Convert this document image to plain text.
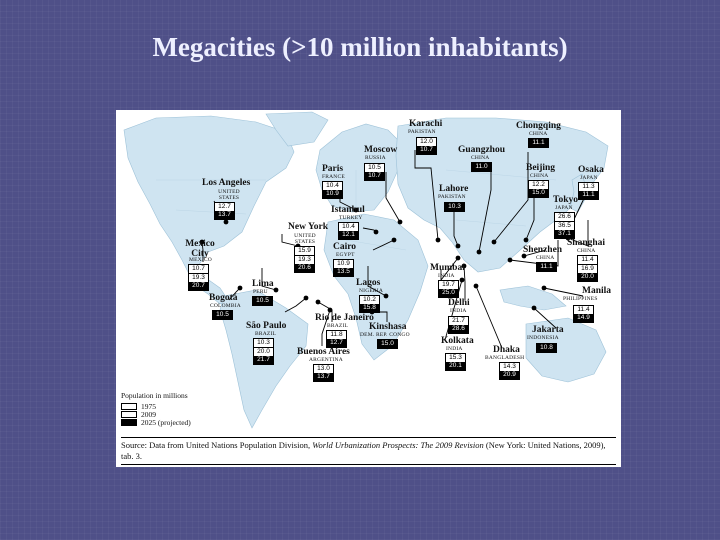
Megacities (>10 million inhabitants)
Karachi
PAKISTAN
12.0
10.7
Chongqing
CHINA
11.1
Moscow
RUSSIA
10.5
10.7
Guangzhou
CHINA
11.0
Paris
FRANCE
10.4
10.9
Beijing
CHINA
12.2
15.0
Osaka
JAPAN
11.3
11.1
Los Angeles
UNITED STATES
12.7
13.7
Lahore
PAKISTAN
10.3
Istanbul
TURKEY
10.4
12.1
Tokyo
JAPAN
26.6
36.5
37.1
New York
UNITED STATES
15.9
19.3
20.6
Shanghai
CHINA
11.4
16.9
20.0
Mexico City
MEXICO
10.7
19.3
20.7
Cairo
EGYPT
10.9
13.5
Shenzhen
CHINA
11.1
Mumbai
INDIA
19.7
25.0
Lima
PERU
10.5
Lagos
NIGERIA
10.2
15.8
Manila
PHILIPPINES
11.4
14.9
Bogotá
COLOMBIA
10.5
Delhi
INDIA
21.7
28.6
São Paulo
BRAZIL
10.3
20.0
21.7
Rio de Janeiro
BRAZIL
11.8
12.7
Jakarta
INDONESIA
10.8
Kinshasa
DEM. REP. CONGO
15.0	Kolkata
INDIA
15.3
20.1
Dhaka
BANGLADESH
14.3
20.9
Buenos Aires
ARGENTINA
13.0
13.7
Population in millions
1975
2009
2025 (projected)
Source: Data from United Nations Population Division, World Urbanization Prospects: The 2009 Revision (New York: United Nations, 2009), tab. 3.
